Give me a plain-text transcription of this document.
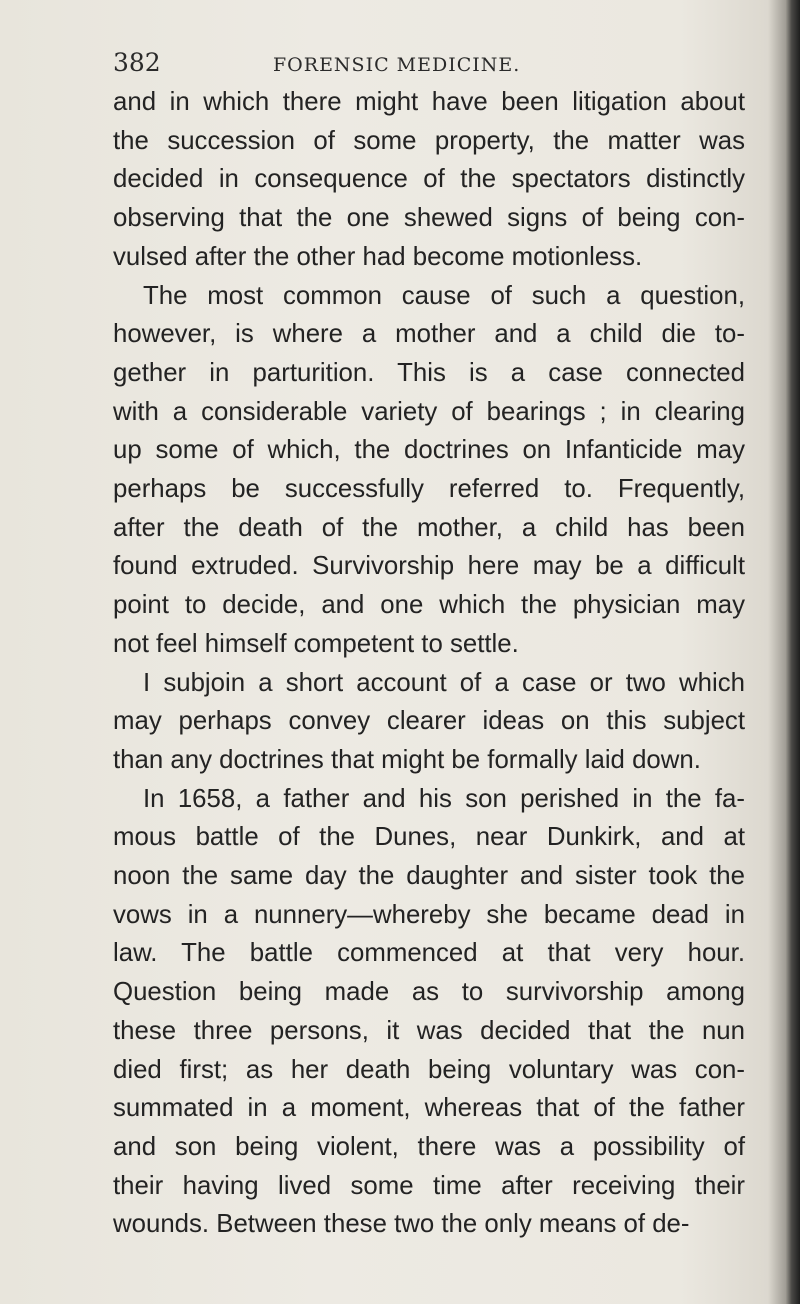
382	FORENSIC MEDICINE.
and in which there might have been litigation about
the succession of some property, the matter was
decided in consequence of the spectators distinctly
observing that the one shewed signs of being con-
vulsed after the other had become motionless.
The most common cause of such a question,
however, is where a mother and a child die to-
gether in parturition. This is a case connected
with a considerable variety of bearings ; in clearing
up some of which, the doctrines on Infanticide may
perhaps be successfully referred to. Frequently,
after the death of the mother, a child has been
found extruded. Survivorship here may be a difficult
point to decide, and one which the physician may
not feel himself competent to settle.
I subjoin a short account of a case or two which
may perhaps convey clearer ideas on this subject
than any doctrines that might be formally laid down.
In 1658, a father and his son perished in the fa-
mous battle of the Dunes, near Dunkirk, and at
noon the same day the daughter and sister took the
vows in a nunnery—whereby she became dead in
law. The battle commenced at that very hour.
Question being made as to survivorship among
these three persons, it was decided that the nun
died first; as her death being voluntary was con-
summated in a moment, whereas that of the father
and son being violent, there was a possibility of
their having lived some time after receiving their
wounds. Between these two the only means of de-
